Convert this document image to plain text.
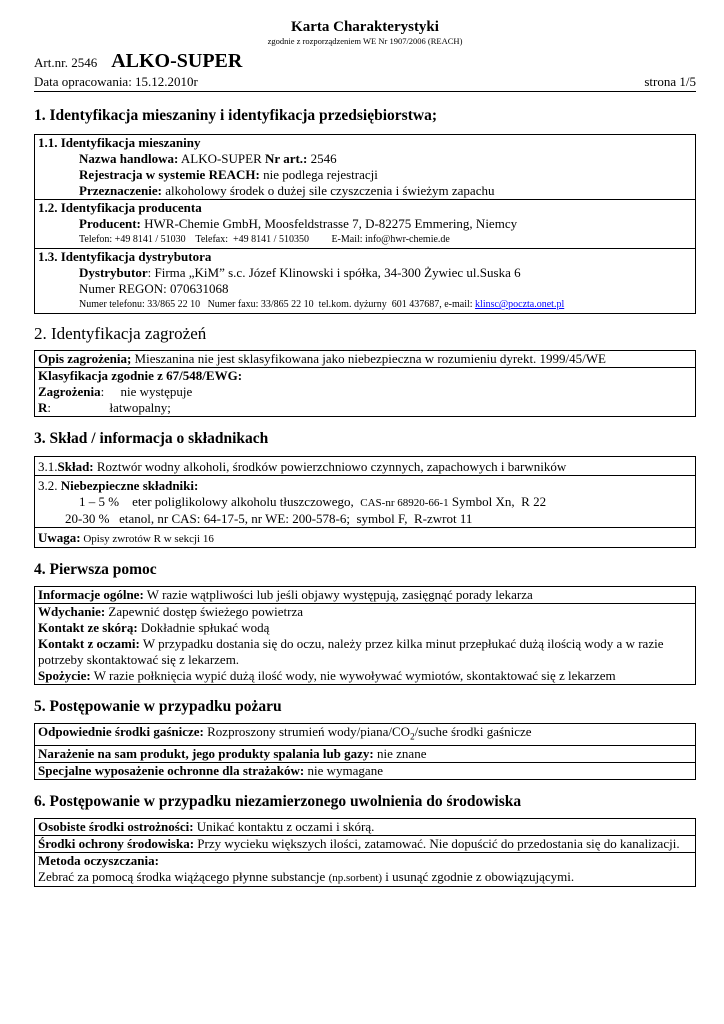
Karta Charakterystyki
zgodnie z rozporządzeniem WE Nr 1907/2006 (REACH)
Art.nr. 2546 ALKO-SUPER
Data opracowania: 15.12.2010r	strona 1/5
1. Identyfikacja mieszaniny i identyfikacja przedsiębiorstwa;
1.1. Identyfikacja mieszaniny
Nazwa handlowa: ALKO-SUPER Nr art.: 2546
Rejestracja w systemie REACH: nie podlega rejestracji
Przeznaczenie: alkoholowy środek o dużej sile czyszczenia i świeżym zapachu
1.2. Identyfikacja producenta
Producent: HWR-Chemie GmbH, Moosfeldstrasse 7, D-82275 Emmering, Niemcy
Telefon: +49 8141 / 51030    Telefax:  +49 8141 / 510350         E-Mail: info@hwr-chemie.de
1.3. Identyfikacja dystrybutora
Dystrybutor: Firma „KiM” s.c. Józef Klinowski i spółka, 34-300 Żywiec ul.Suska 6
Numer REGON: 070631068
Numer telefonu: 33/865 22 10   Numer faxu: 33/865 22 10  tel.kom. dyżurny  601 437687, e-mail: klinsc@poczta.onet.pl
2. Identyfikacja zagrożeń
Opis zagrożenia; Mieszanina nie jest sklasyfikowana jako niebezpieczna w rozumieniu dyrekt. 1999/45/WE
Klasyfikacja zgodnie z 67/548/EWG:
Zagrożenia:     nie występuje
R:                  łatwopalny;
3. Skład / informacja o składnikach
3.1.Skład: Roztwór wodny alkoholi, środków powierzchniowo czynnych, zapachowych i barwników
3.2. Niebezpieczne składniki:
1 – 5 %    eter poliglikolowy alkoholu tłuszczowego,  CAS-nr 68920-66-1 Symbol Xn,  R 22
20-30 %   etanol, nr CAS: 64-17-5, nr WE: 200-578-6;  symbol F,  R-zwrot 11
Uwaga: Opisy zwrotów R w sekcji 16
4. Pierwsza pomoc
Informacje ogólne: W razie wątpliwości lub jeśli objawy występują, zasięgnąć porady lekarza
Wdychanie: Zapewnić dostęp świeżego powietrza
Kontakt ze skórą: Dokładnie spłukać wodą
Kontakt z oczami: W przypadku dostania się do oczu, należy przez kilka minut przepłukać dużą ilością wody a w razie potrzeby skontaktować się z lekarzem.
Spożycie: W razie połknięcia wypić dużą ilość wody, nie wywoływać wymiotów, skontaktować się z lekarzem
5. Postępowanie w przypadku pożaru
Odpowiednie środki gaśnicze: Rozproszony strumień wody/$piana/CO_2$/suche środki gaśnicze
Narażenie na sam produkt, jego produkty spalania lub gazy: nie znane
Specjalne wyposażenie ochronne dla strażaków: nie wymagane
6. Postępowanie w przypadku niezamierzonego uwolnienia do środowiska
Osobiste środki ostrożności: Unikać kontaktu z oczami i skórą.
Środki ochrony środowiska: Przy wycieku większych ilości, zatamować. Nie dopuścić do przedostania się do kanalizacji.
Metoda oczyszczania:
Zebrać za pomocą środka wiążącego płynne substancje (np.sorbent) i usunąć zgodnie z obowiązującymi.
